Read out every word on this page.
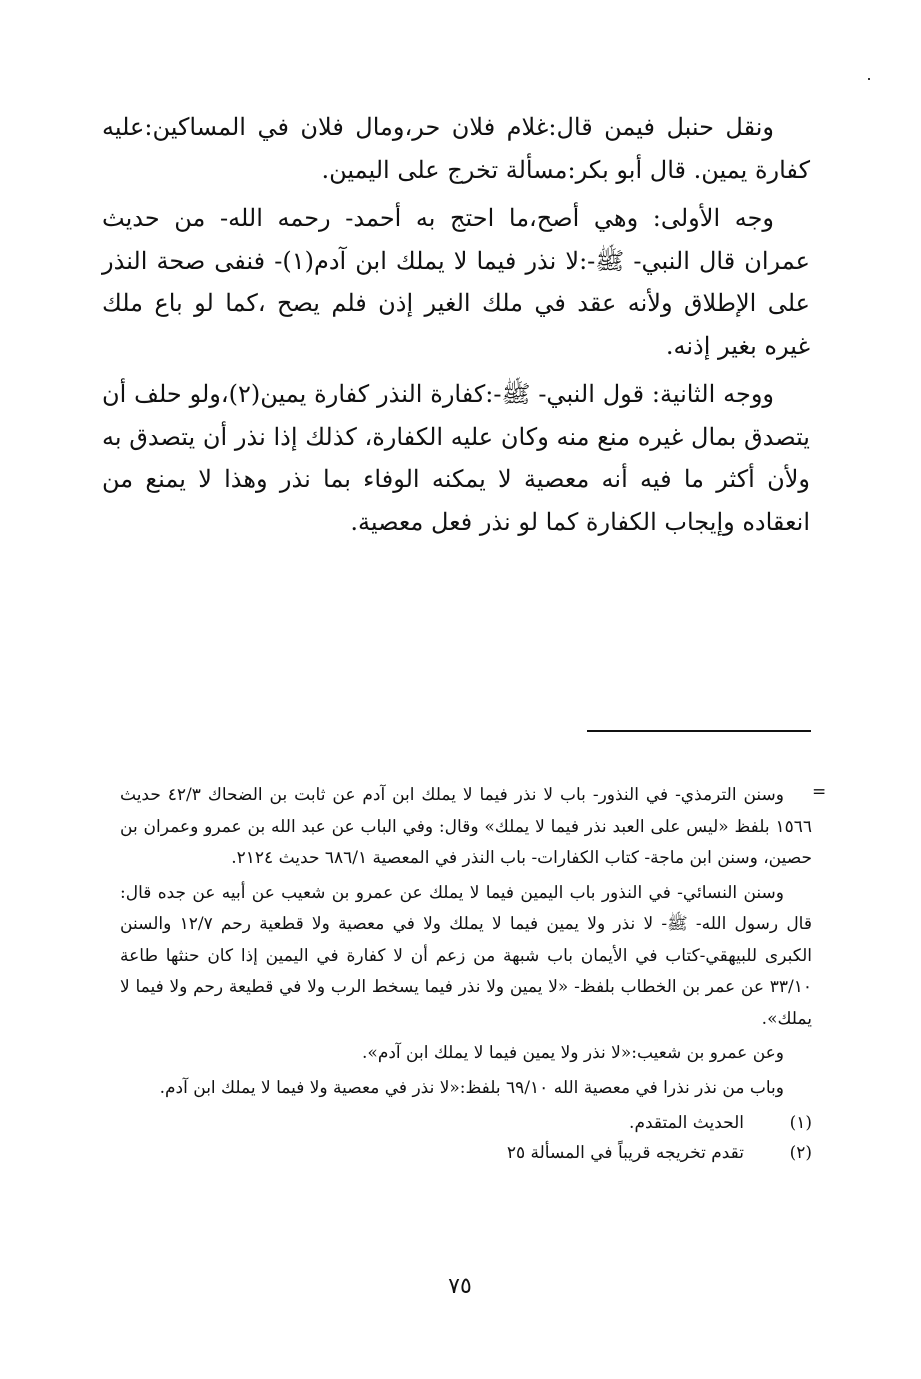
ونقل حنبل فيمن قال:غلام فلان حر،ومال فلان في المساكين:عليه كفارة يمين. قال أبو بكر:مسألة تخرج على اليمين.

وجه الأولى: وهي أصح،ما احتج به أحمد- رحمه الله- من حديث عمران قال النبي- ﷺ-:لا نذر فيما لا يملك ابن آدم(١)- فنفى صحة النذر على الإطلاق ولأنه عقد في ملك الغير إذن فلم يصح ،كما لو باع ملك غيره بغير إذنه.

ووجه الثانية: قول النبي- ﷺ-:كفارة النذر كفارة يمين(٢)،ولو حلف أن يتصدق بمال غيره منع منه وكان عليه الكفارة، كذلك إذا نذر أن يتصدق به ولأن أكثر ما فيه أنه معصية لا يمكنه الوفاء بما نذر وهذا لا يمنع من انعقاده وإيجاب الكفارة كما لو نذر فعل معصية.

=

وسنن الترمذي- في النذور- باب لا نذر فيما لا يملك ابن آدم عن ثابت بن الضحاك ٤٢/٣ حديث ١٥٦٦ بلفظ «ليس على العبد نذر فيما لا يملك» وقال: وفي الباب عن عبد الله بن عمرو وعمران بن حصين، وسنن ابن ماجة- كتاب الكفارات- باب النذر في المعصية ٦٨٦/١ حديث ٢١٢٤.

وسنن النسائي- في النذور باب اليمين فيما لا يملك عن عمرو بن شعيب عن أبيه عن جده قال: قال رسول الله- ﷺ- لا نذر ولا يمين فيما لا يملك ولا في معصية ولا قطعية رحم ١٢/٧ والسنن الكبرى للبيهقي-كتاب في الأيمان باب شبهة من زعم أن لا كفارة في اليمين إذا كان حنثها طاعة ٣٣/١٠ عن عمر بن الخطاب بلفظ- «لا يمين ولا نذر فيما يسخط الرب ولا في قطيعة رحم ولا فيما لا يملك».

وعن عمرو بن شعيب:«لا نذر ولا يمين فيما لا يملك ابن آدم».

وباب من نذر نذرا في معصية الله ٦٩/١٠ بلفظ:«لا نذر في معصية ولا فيما لا يملك ابن آدم.

(١)
الحديث المتقدم.
(٢)
تقدم تخريجه قريباً في المسألة ٢٥
٧٥
